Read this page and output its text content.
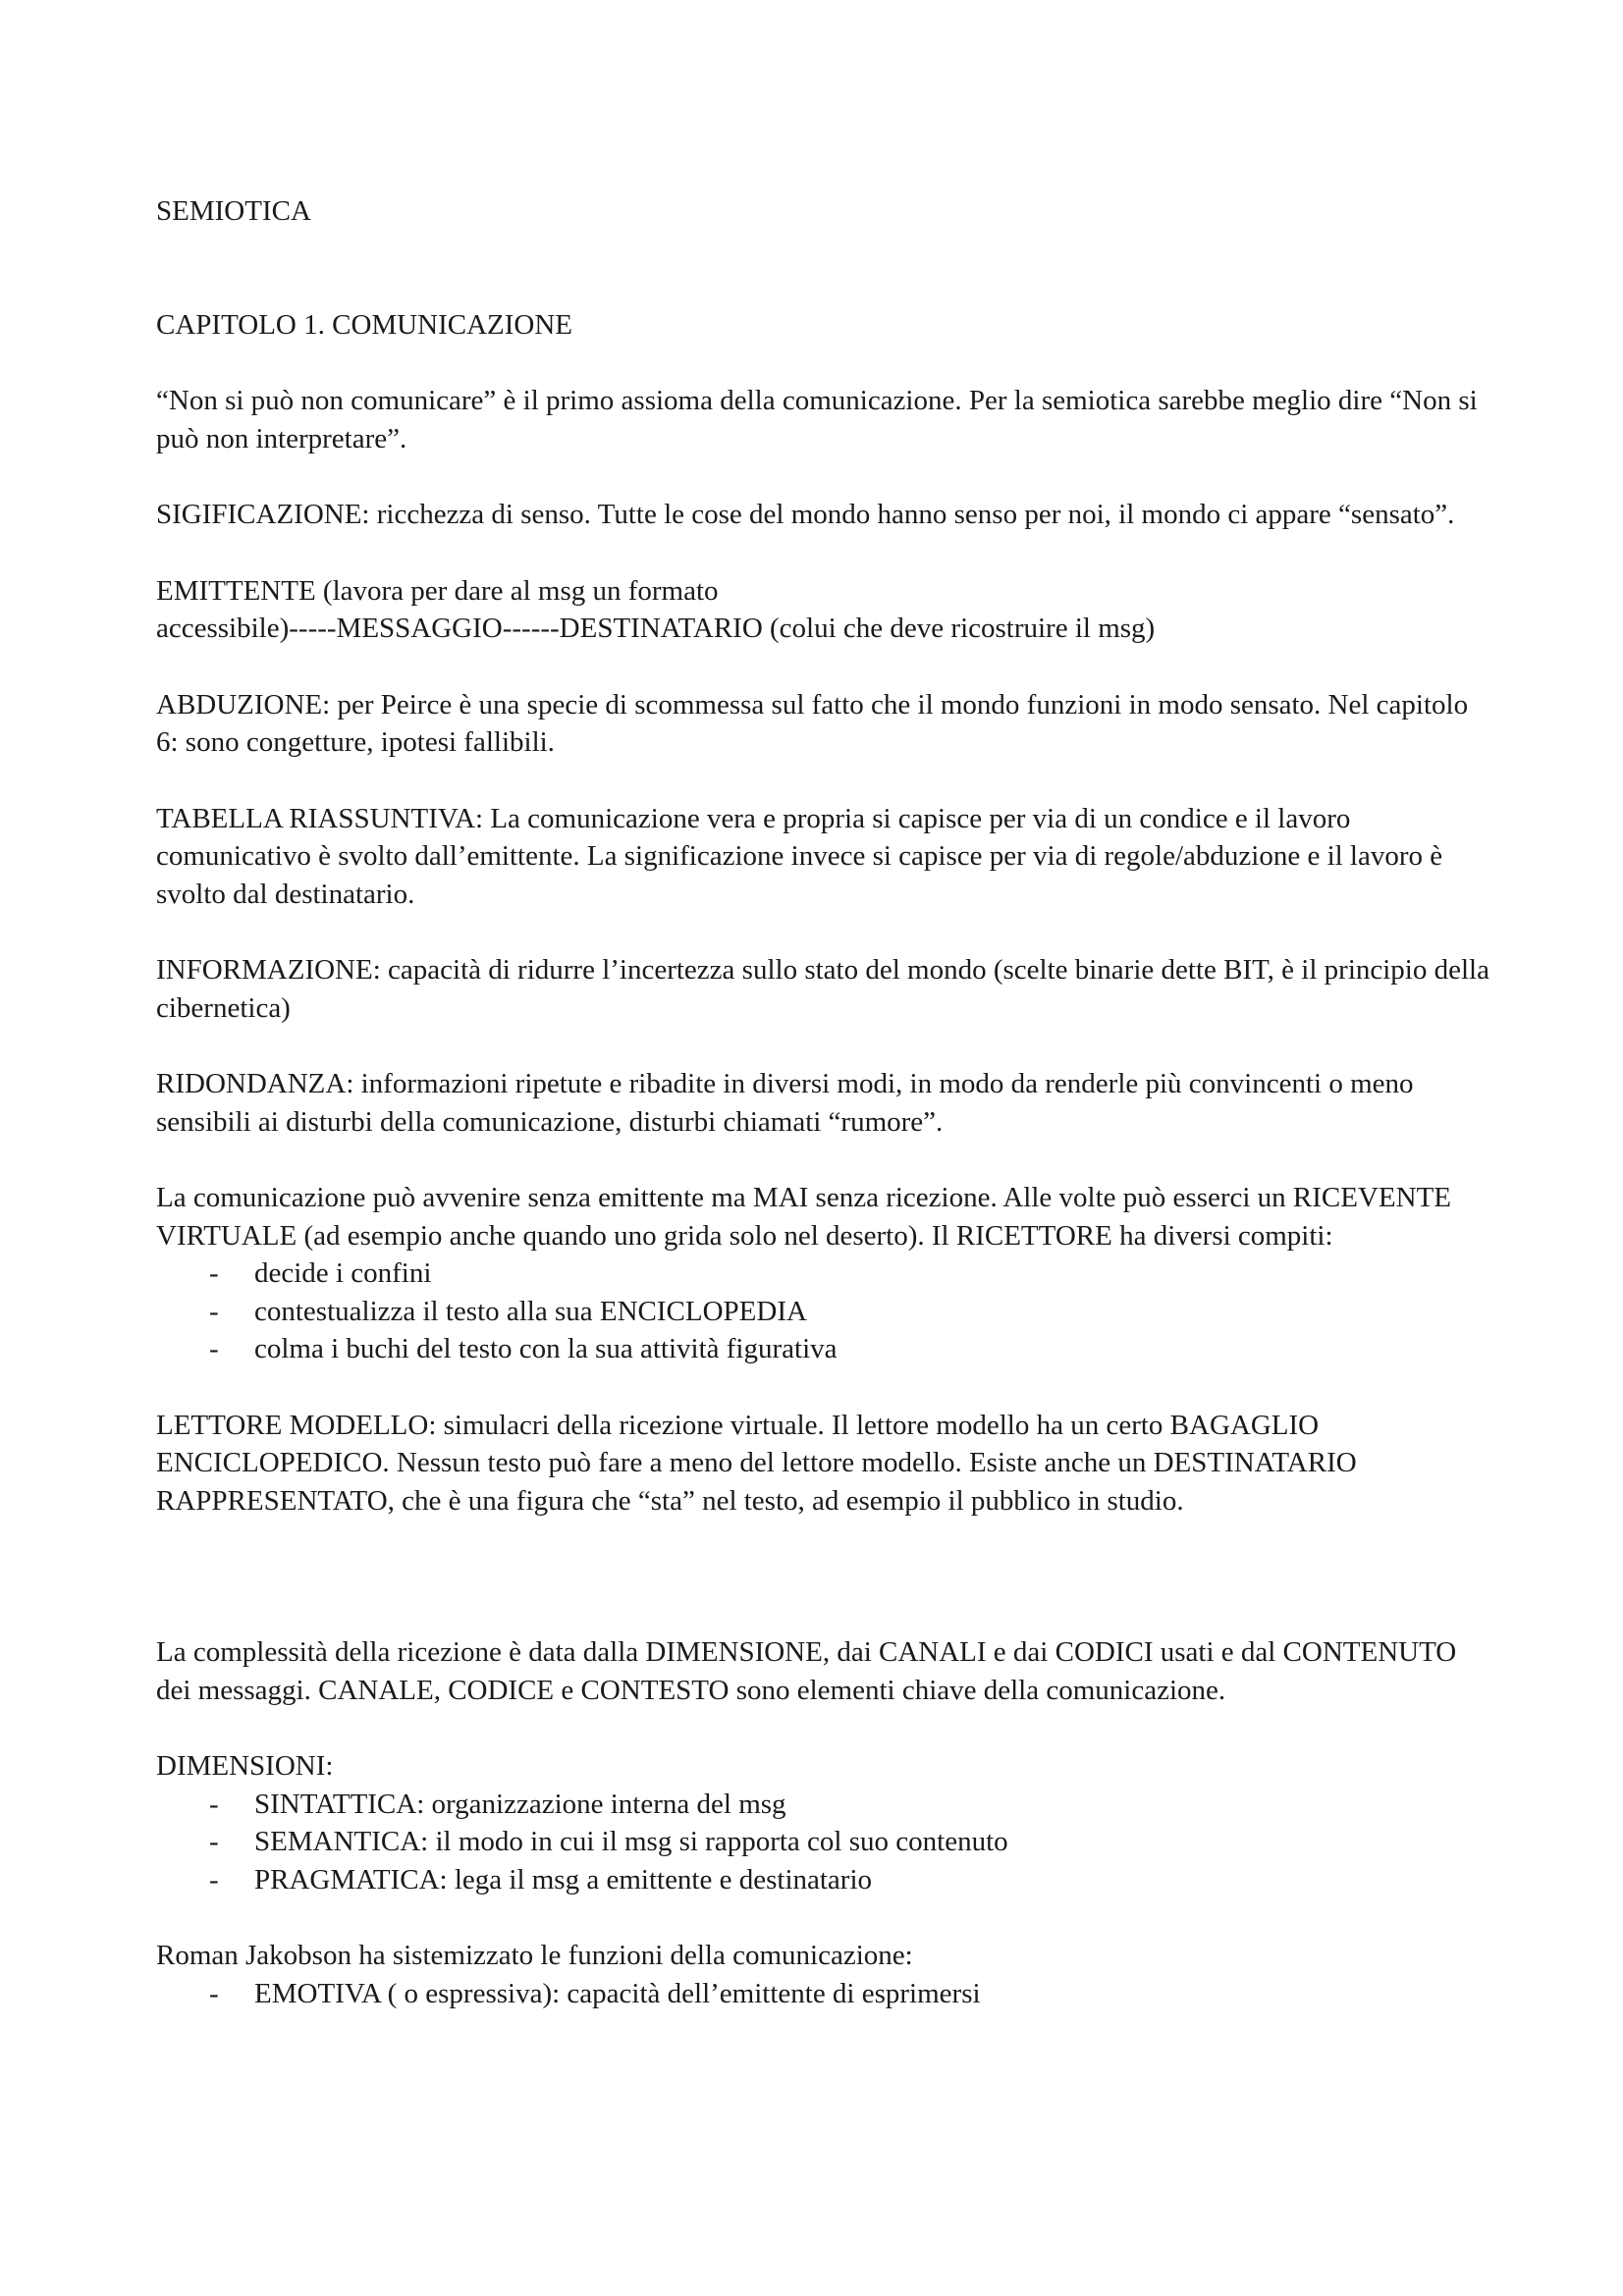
SEMIOTICA

CAPITOLO 1. COMUNICAZIONE

“Non si può non comunicare” è il primo assioma della comunicazione. Per la semiotica sarebbe meglio dire “Non si può non interpretare”.

SIGIFICAZIONE: ricchezza di senso. Tutte le cose del mondo hanno senso per noi, il mondo ci appare “sensato”.

EMITTENTE (lavora per dare al msg un formato

accessibile)-----MESSAGGIO------DESTINATARIO (colui che deve ricostruire il msg)

ABDUZIONE: per Peirce è una specie di scommessa sul fatto che il mondo funzioni in modo sensato. Nel capitolo 6: sono congetture, ipotesi fallibili.

TABELLA RIASSUNTIVA: La comunicazione vera e propria si capisce per via di un condice e il lavoro comunicativo è svolto dall’emittente. La significazione invece si capisce per via di regole/abduzione e il lavoro è svolto dal destinatario.

INFORMAZIONE: capacità di ridurre l’incertezza sullo stato del mondo (scelte binarie dette BIT, è il principio della cibernetica)

RIDONDANZA: informazioni ripetute e ribadite in diversi modi, in modo da renderle più convincenti o meno sensibili ai disturbi della comunicazione, disturbi chiamati “rumore”.

La comunicazione può avvenire senza emittente ma MAI senza ricezione. Alle volte può esserci un RICEVENTE VIRTUALE (ad esempio anche quando uno grida solo nel deserto). Il RICETTORE ha diversi compiti:

- decide i confini
- contestualizza il testo alla sua ENCICLOPEDIA
- colma i buchi del testo con la sua attività figurativa

LETTORE MODELLO: simulacri della ricezione virtuale. Il lettore modello ha un certo BAGAGLIO ENCICLOPEDICO. Nessun testo può fare a meno del lettore modello. Esiste anche un DESTINATARIO RAPPRESENTATO, che è una figura che “sta” nel testo, ad esempio il pubblico in studio.

La complessità della ricezione è data dalla DIMENSIONE, dai CANALI e dai CODICI usati e dal CONTENUTO dei messaggi. CANALE, CODICE e CONTESTO sono elementi chiave della comunicazione.

DIMENSIONI:

- SINTATTICA: organizzazione interna del msg
- SEMANTICA: il modo in cui il msg si rapporta col suo contenuto
- PRAGMATICA: lega il msg a emittente e destinatario

Roman Jakobson ha sistemizzato le funzioni della comunicazione:

- EMOTIVA ( o espressiva): capacità dell’emittente di esprimersi
